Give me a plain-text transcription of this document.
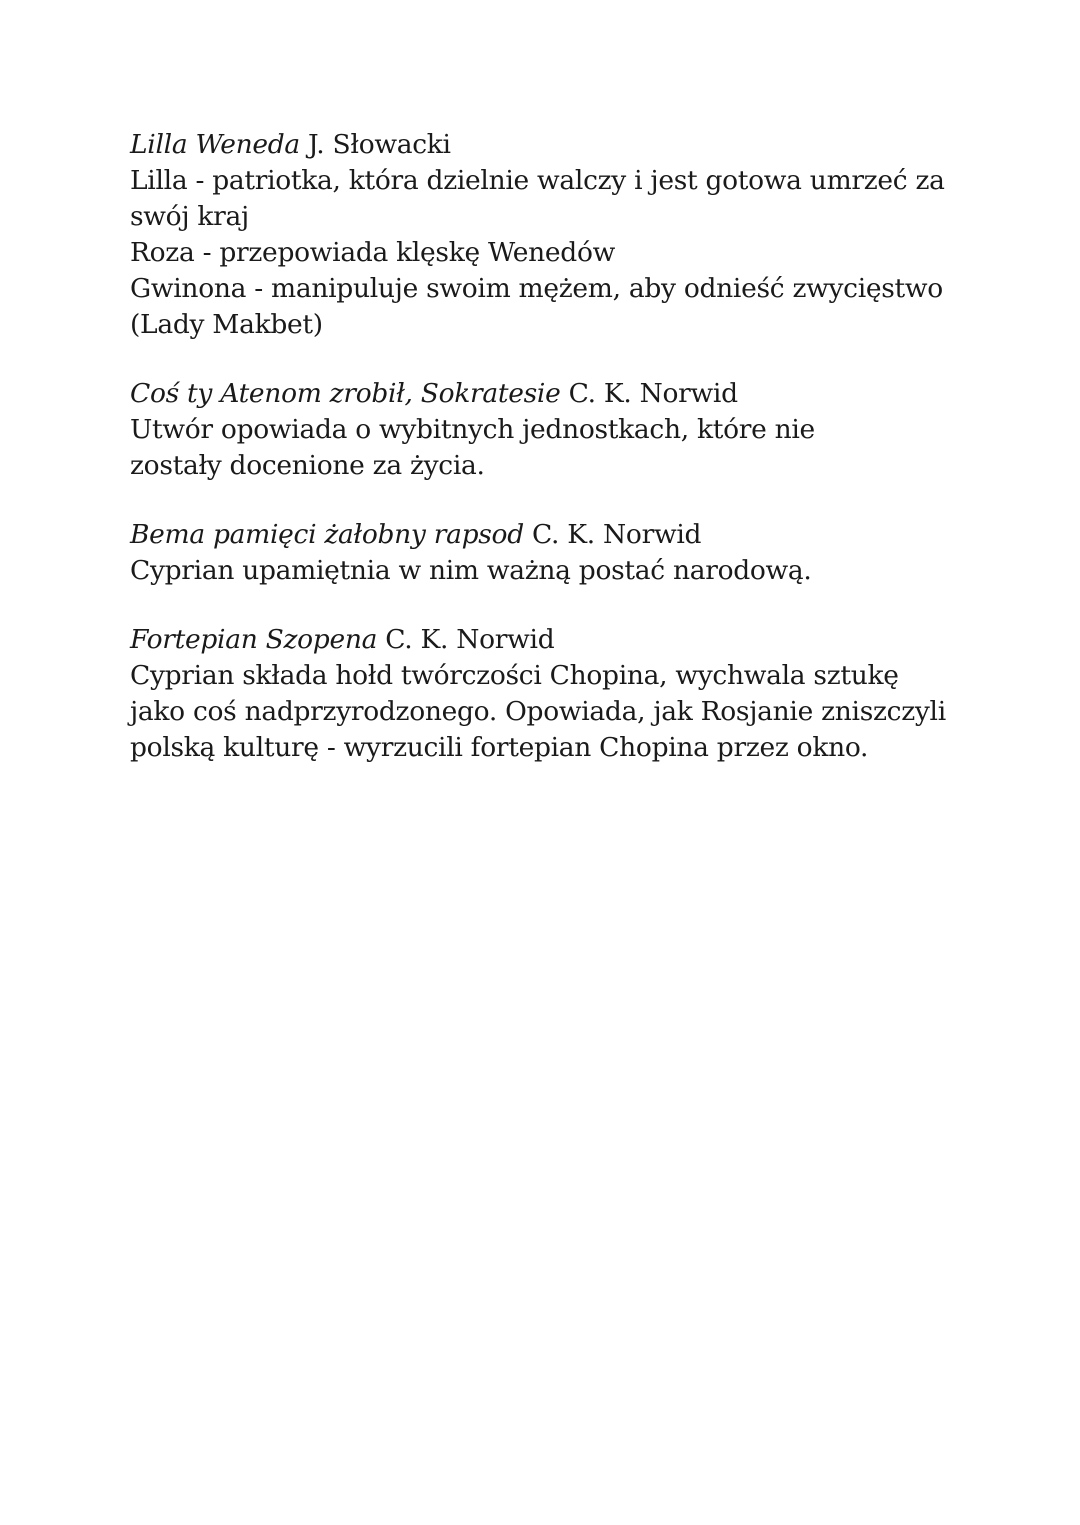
Lilla Weneda J. Słowacki
Lilla - patriotka, która dzielnie walczy i jest gotowa umrzeć za swój kraj
Roza - przepowiada klęskę Wenedów
Gwinona - manipuluje swoim mężem, aby odnieść zwycięstwo (Lady Makbet)
Coś ty Atenom zrobił, Sokratesie C. K. Norwid
Utwór opowiada o wybitnych jednostkach, które nie zostały docenione za życia.
Bema pamięci żałobny rapsod C. K. Norwid
Cyprian upamiętnia w nim ważną postać narodową.
Fortepian Szopena C. K. Norwid
Cyprian składa hołd twórczości Chopina, wychwala sztukę jako coś nadprzyrodzonego. Opowiada, jak Rosjanie zniszczyli polską kulturę - wyrzucili fortepian Chopina przez okno.
